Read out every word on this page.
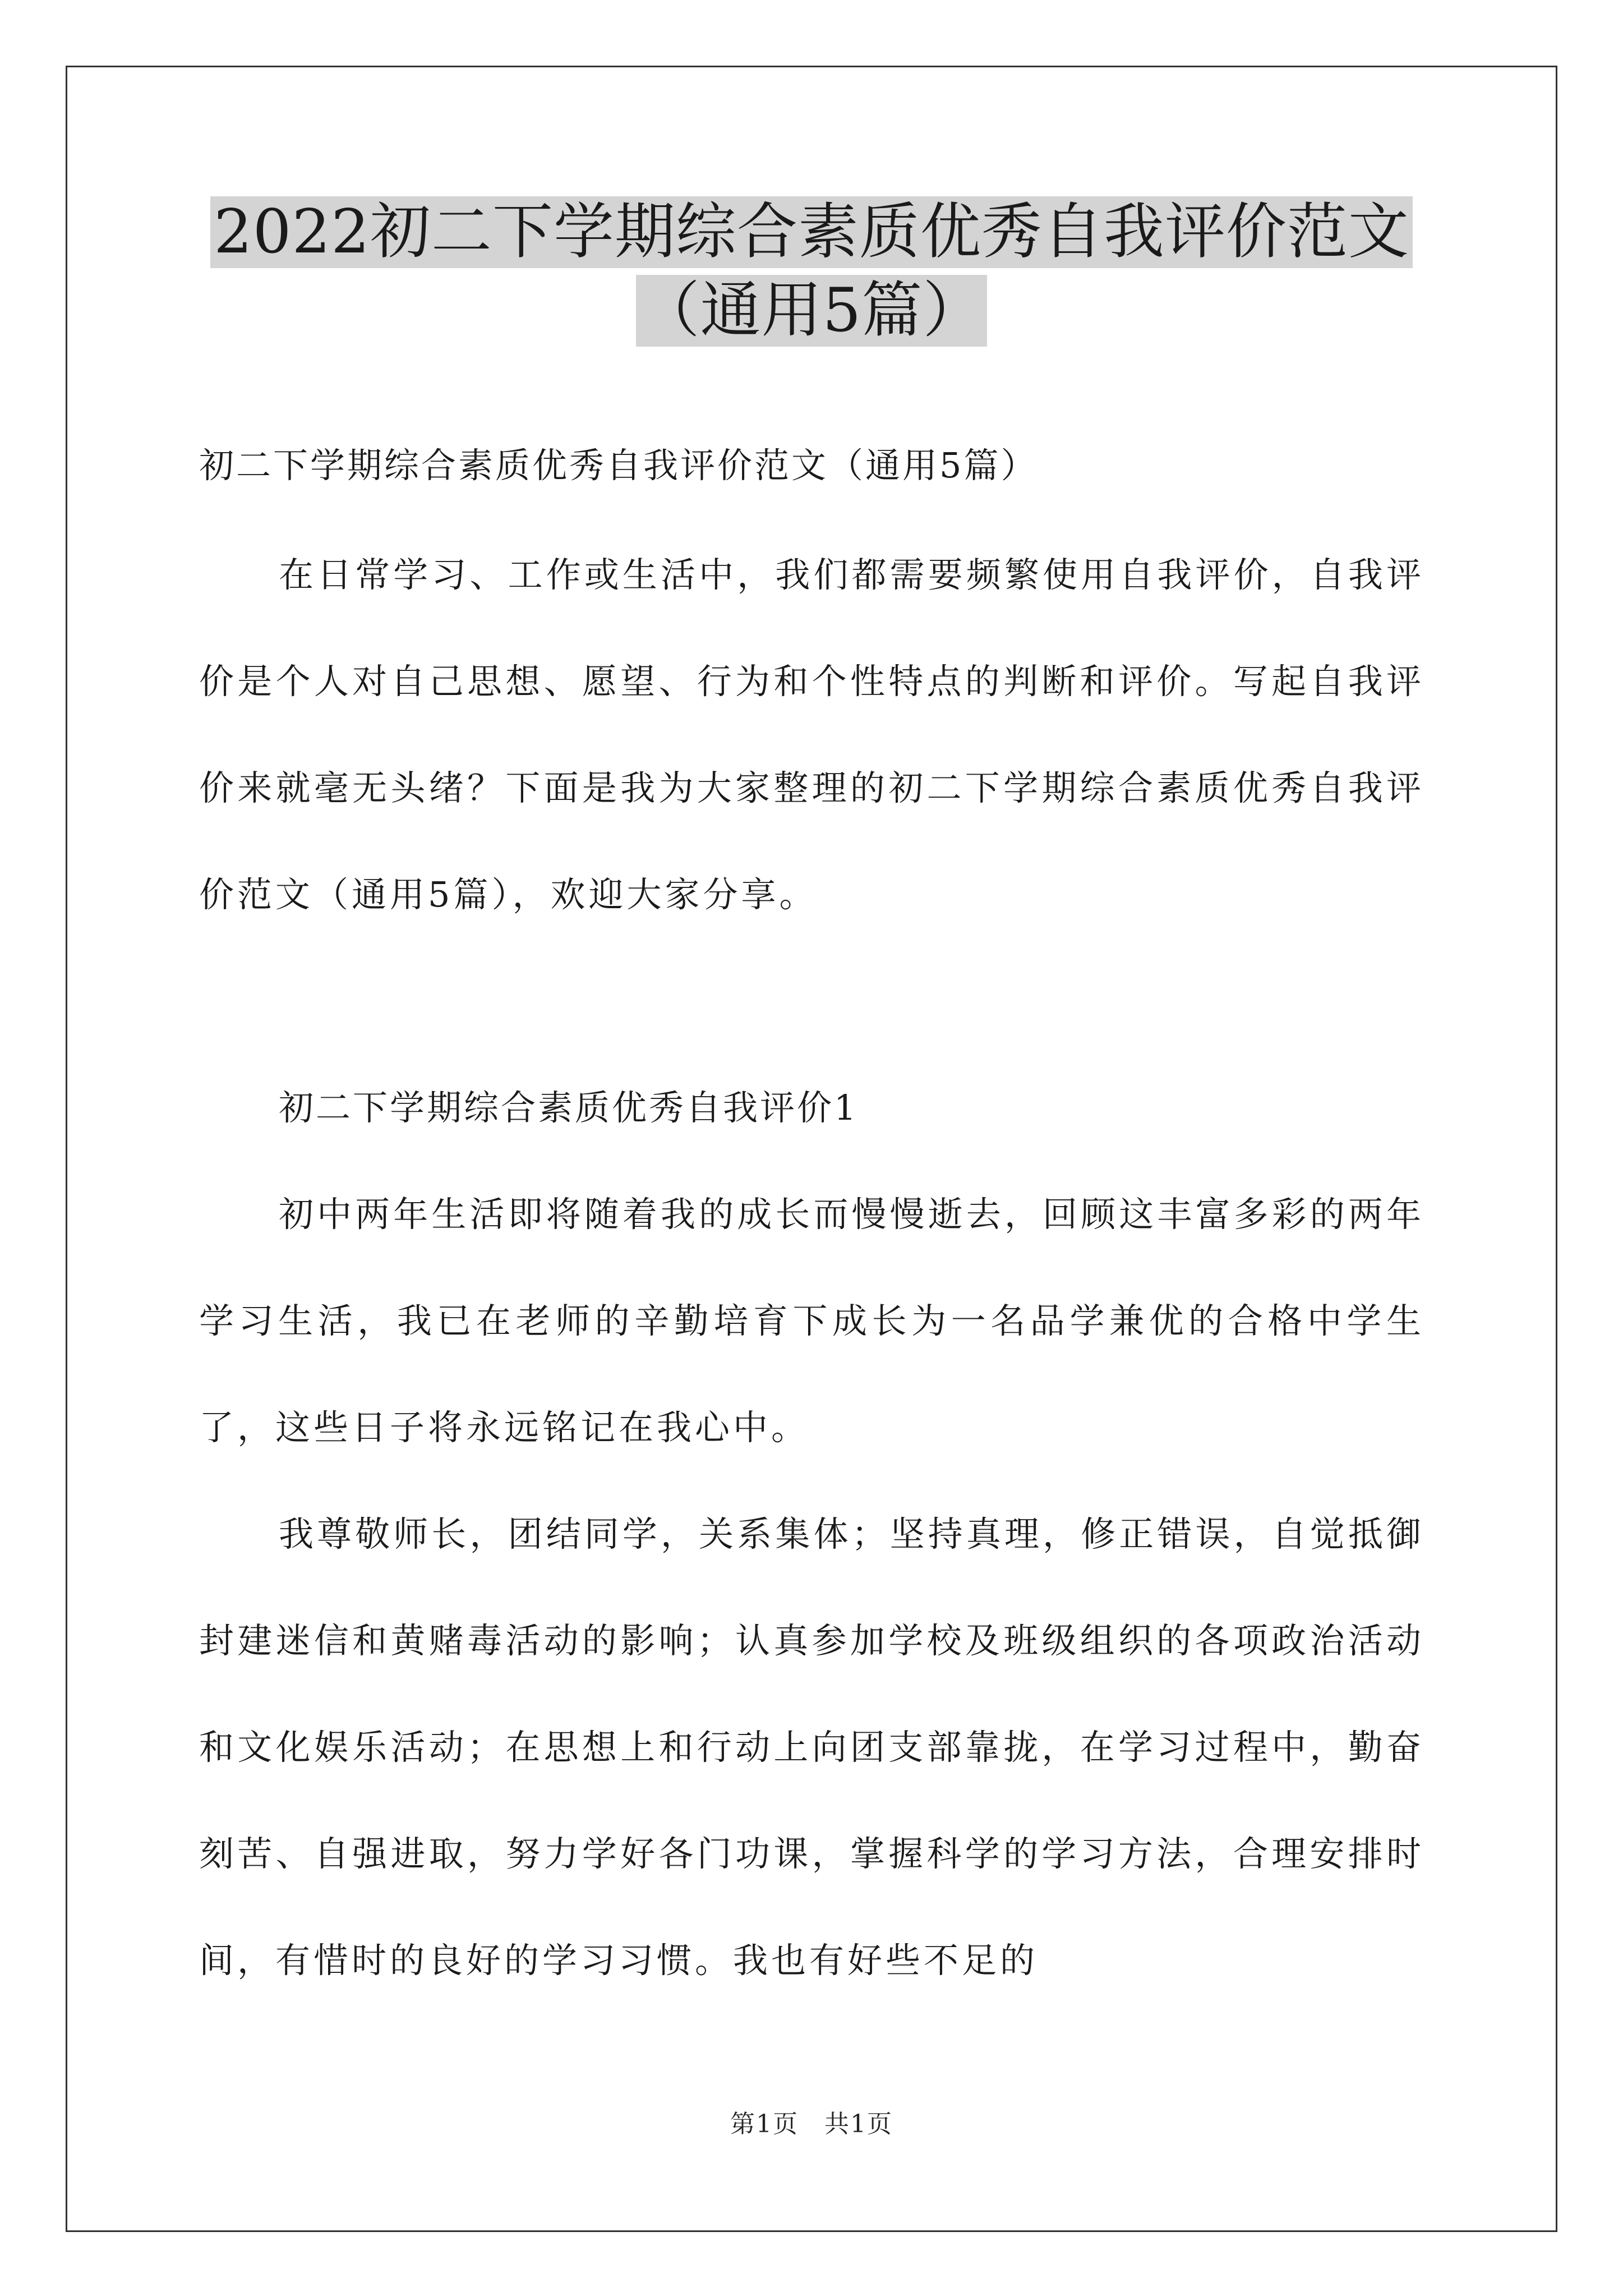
2022初二下学期综合素质优秀自我评价范文
（通用5篇）

初二下学期综合素质优秀自我评价范文（通用5篇）

在日常学习、工作或生活中，我们都需要频繁使用自我评价，自我评价是个人对自己思想、愿望、行为和个性特点的判断和评价。写起自我评价来就毫无头绪？下面是我为大家整理的初二下学期综合素质优秀自我评价范文（通用5篇），欢迎大家分享。

初二下学期综合素质优秀自我评价1

初中两年生活即将随着我的成长而慢慢逝去，回顾这丰富多彩的两年学习生活，我已在老师的辛勤培育下成长为一名品学兼优的合格中学生了，这些日子将永远铭记在我心中。

我尊敬师长，团结同学，关系集体；坚持真理，修正错误，自觉抵御封建迷信和黄赌毒活动的影响；认真参加学校及班级组织的各项政治活动和文化娱乐活动；在思想上和行动上向团支部靠拢，在学习过程中，勤奋刻苦、自强进取，努力学好各门功课，掌握科学的学习方法，合理安排时间，有惜时的良好的学习习惯。我也有好些不足的

第1页　共1页
